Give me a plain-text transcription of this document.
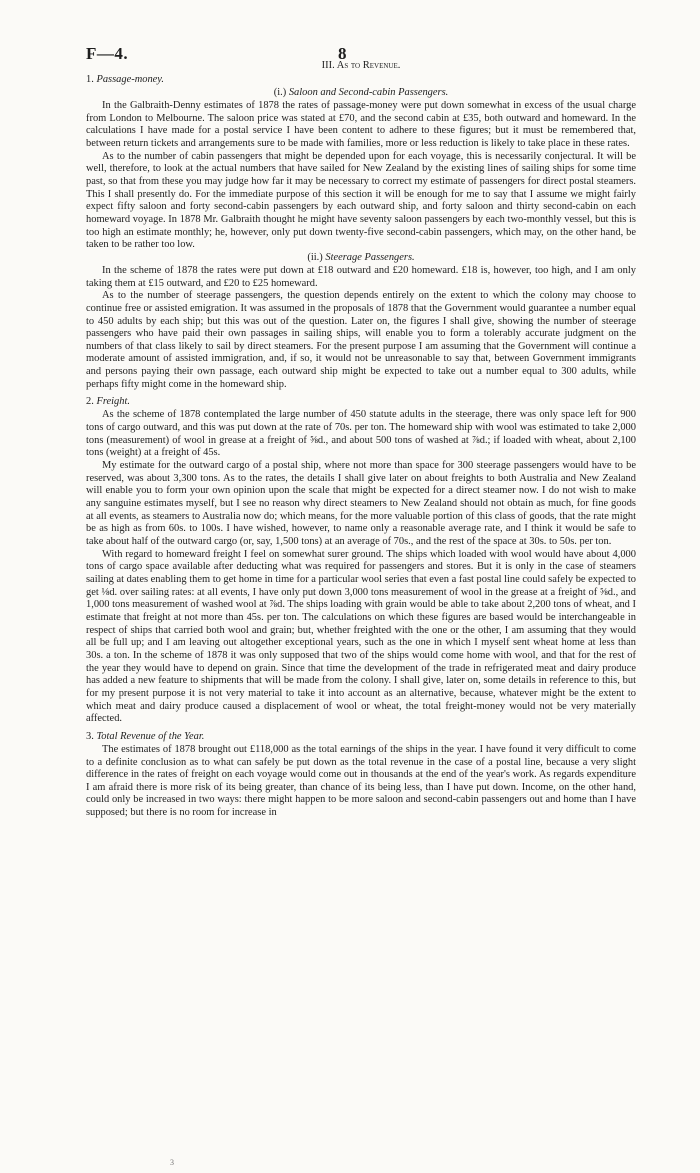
F—4.	8
III. As to Revenue.
1. Passage-money.
(i.) Saloon and Second-cabin Passengers.

In the Galbraith-Denny estimates of 1878 the rates of passage-money were put down somewhat in excess of the usual charge from London to Melbourne. The saloon price was stated at £70, and the second cabin at £35, both outward and homeward. In the calculations I have made for a postal service I have been content to adhere to these figures; but it must be remembered that, between return tickets and arrangements sure to be made with families, more or less reduction is likely to take place in these rates.

As to the number of cabin passengers that might be depended upon for each voyage, this is necessarily conjectural. It will be well, therefore, to look at the actual numbers that have sailed for New Zealand by the existing lines of sailing ships for some time past, so that from these you may judge how far it may be necessary to correct my estimate of passengers for direct postal steamers. This I shall presently do. For the immediate purpose of this section it will be enough for me to say that I assume we might fairly expect fifty saloon and forty second-cabin passengers by each outward ship, and forty saloon and thirty second-cabin on each homeward voyage. In 1878 Mr. Galbraith thought he might have seventy saloon passengers by each two-monthly vessel, but this is too high an estimate monthly; he, however, only put down twenty-five second-cabin passengers, which may, on the other hand, be taken to be rather too low.

(ii.) Steerage Passengers.

In the scheme of 1878 the rates were put down at £18 outward and £20 homeward. £18 is, however, too high, and I am only taking them at £15 outward, and £20 to £25 homeward.

As to the number of steerage passengers, the question depends entirely on the extent to which the colony may choose to continue free or assisted emigration. It was assumed in the proposals of 1878 that the Government would guarantee a number equal to 450 adults by each ship; but this was out of the question. Later on, the figures I shall give, showing the number of steerage passengers who have paid their own passages in sailing ships, will enable you to form a tolerably accurate judgment on the numbers of that class likely to sail by direct steamers. For the present purpose I am assuming that the Government will continue a moderate amount of assisted immigration, and, if so, it would not be unreasonable to say that, between Government immigrants and persons paying their own passage, each outward ship might be expected to take out a number equal to 300 adults, while perhaps fifty might come in the homeward ship.

2. Freight.

As the scheme of 1878 contemplated the large number of 450 statute adults in the steerage, there was only space left for 900 tons of cargo outward, and this was put down at the rate of 70s. per ton. The homeward ship with wool was estimated to take 2,000 tons (measurement) of wool in grease at a freight of ⅝d., and about 500 tons of washed at ⅞d.; if loaded with wheat, about 2,100 tons (weight) at a freight of 45s.

My estimate for the outward cargo of a postal ship, where not more than space for 300 steerage passengers would have to be reserved, was about 3,300 tons. As to the rates, the details I shall give later on about freights to both Australia and New Zealand will enable you to form your own opinion upon the scale that might be expected for a direct steamer now. I do not wish to make any sanguine estimates myself, but I see no reason why direct steamers to New Zealand should not obtain as much, for fine goods at all events, as steamers to Australia now do; which means, for the more valuable portion of this class of goods, that the rate might be as high as from 60s. to 100s. I have wished, however, to name only a reasonable average rate, and I think it would be safe to take about half of the outward cargo (or, say, 1,500 tons) at an average of 70s., and the rest of the space at 30s. to 50s. per ton.

With regard to homeward freight I feel on somewhat surer ground. The ships which loaded with wool would have about 4,000 tons of cargo space available after deducting what was required for passengers and stores. But it is only in the case of steamers sailing at dates enabling them to get home in time for a particular wool series that even a fast postal line could safely be expected to get ⅛d. over sailing rates: at all events, I have only put down 3,000 tons measurement of wool in the grease at a freight of ⅝d., and 1,000 tons measurement of washed wool at ⅞d. The ships loading with grain would be able to take about 2,200 tons of wheat, and I estimate that freight at not more than 45s. per ton. The calculations on which these figures are based would be interchangeable in respect of ships that carried both wool and grain; but, whether freighted with the one or the other, I am assuming that they would all be full up; and I am leaving out altogether exceptional years, such as the one in which I myself sent wheat home at less than 30s. a ton. In the scheme of 1878 it was only supposed that two of the ships would come home with wool, and that for the rest of the year they would have to depend on grain. Since that time the development of the trade in refrigerated meat and dairy produce has added a new feature to shipments that will be made from the colony. I shall give, later on, some details in reference to this, but for my present purpose it is not very material to take it into account as an alternative, because, whatever might be the extent to which meat and dairy produce caused a displacement of wool or wheat, the total freight-money would not be very materially affected.

3. Total Revenue of the Year.

The estimates of 1878 brought out £118,000 as the total earnings of the ships in the year. I have found it very difficult to come to a definite conclusion as to what can safely be put down as the total revenue in the case of a postal line, because a very slight difference in the rates of freight on each voyage would come out in thousands at the end of the year's work. As regards expenditure I am afraid there is more risk of its being greater, than chance of its being less, than I have put down. Income, on the other hand, could only be increased in two ways: there might happen to be more saloon and second-cabin passengers out and home than I have supposed; but there is no room for increase in

3
